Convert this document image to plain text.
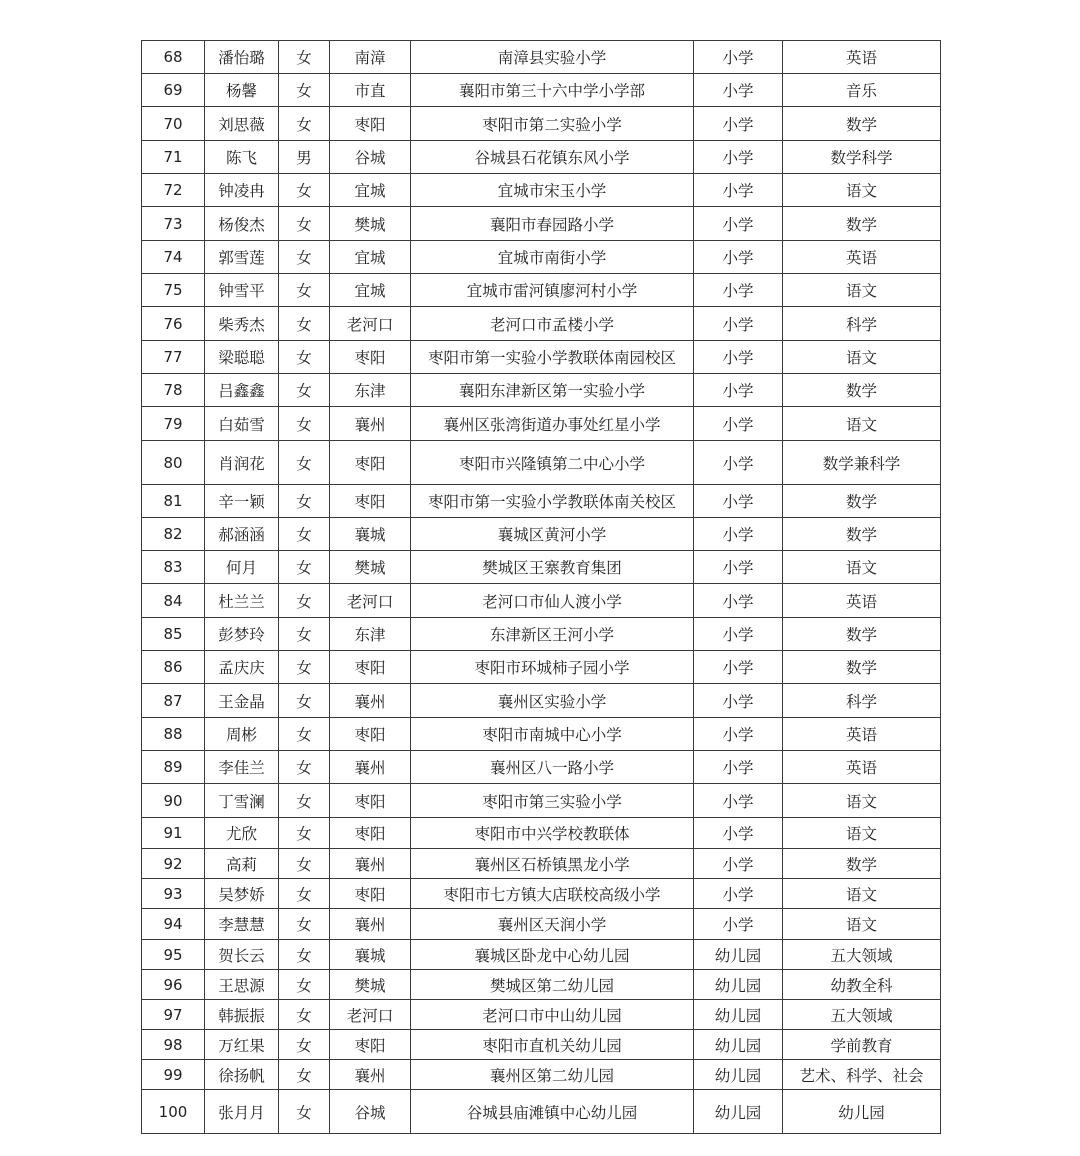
68	潘怡璐	女	南漳	南漳县实验小学	小学	英语
69	杨馨	女	市直	襄阳市第三十六中学小学部	小学	音乐
70	刘思薇	女	枣阳	枣阳市第二实验小学	小学	数学
71	陈飞	男	谷城	谷城县石花镇东风小学	小学	数学科学
72	钟凌冉	女	宜城	宜城市宋玉小学	小学	语文
73	杨俊杰	女	樊城	襄阳市春园路小学	小学	数学
74	郭雪莲	女	宜城	宜城市南街小学	小学	英语
75	钟雪平	女	宜城	宜城市雷河镇廖河村小学	小学	语文
76	柴秀杰	女	老河口	老河口市孟楼小学	小学	科学
77	梁聪聪	女	枣阳	枣阳市第一实验小学教联体南园校区	小学	语文
78	吕鑫鑫	女	东津	襄阳东津新区第一实验小学	小学	数学
79	白茹雪	女	襄州	襄州区张湾街道办事处红星小学	小学	语文
80	肖润花	女	枣阳	枣阳市兴隆镇第二中心小学	小学	数学兼科学
81	辛一颖	女	枣阳	枣阳市第一实验小学教联体南关校区	小学	数学
82	郝涵涵	女	襄城	襄城区黄河小学	小学	数学
83	何月	女	樊城	樊城区王寨教育集团	小学	语文
84	杜兰兰	女	老河口	老河口市仙人渡小学	小学	英语
85	彭梦玲	女	东津	东津新区王河小学	小学	数学
86	孟庆庆	女	枣阳	枣阳市环城柿子园小学	小学	数学
87	王金晶	女	襄州	襄州区实验小学	小学	科学
88	周彬	女	枣阳	枣阳市南城中心小学	小学	英语
89	李佳兰	女	襄州	襄州区八一路小学	小学	英语
90	丁雪澜	女	枣阳	枣阳市第三实验小学	小学	语文
91	尤欣	女	枣阳	枣阳市中兴学校教联体	小学	语文
92	高莉	女	襄州	襄州区石桥镇黑龙小学	小学	数学
93	吴梦娇	女	枣阳	枣阳市七方镇大店联校高级小学	小学	语文
94	李慧慧	女	襄州	襄州区天润小学	小学	语文
95	贺长云	女	襄城	襄城区卧龙中心幼儿园	幼儿园	五大领域
96	王思源	女	樊城	樊城区第二幼儿园	幼儿园	幼教全科
97	韩振振	女	老河口	老河口市中山幼儿园	幼儿园	五大领域
98	万红果	女	枣阳	枣阳市直机关幼儿园	幼儿园	学前教育
99	徐扬帆	女	襄州	襄州区第二幼儿园	幼儿园	艺术、科学、社会
100	张月月	女	谷城	谷城县庙滩镇中心幼儿园	幼儿园	幼儿园
